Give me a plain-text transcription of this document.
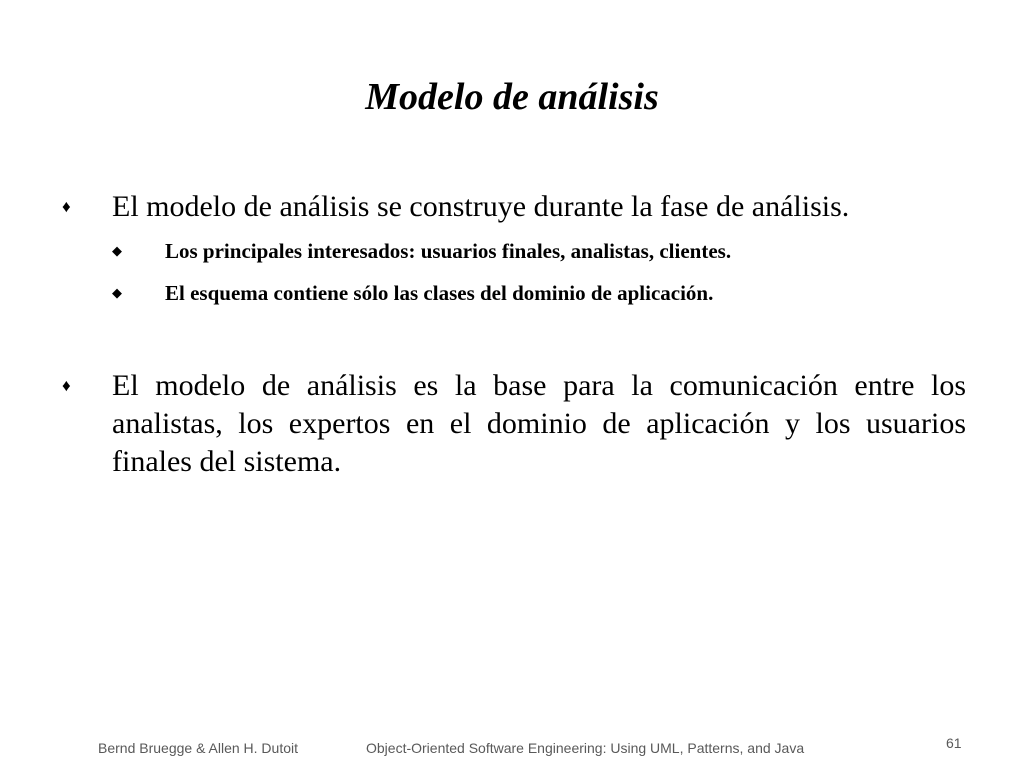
Modelo de análisis
♦ El modelo de análisis se construye durante la fase de análisis.
◆ Los principales interesados: usuarios finales, analistas, clientes.
◆ El esquema contiene sólo las clases del dominio de aplicación.
♦ El modelo de análisis es la base para la comunicación entre los analistas, los expertos en el dominio de aplicación y los usuarios finales del sistema.
Bernd Bruegge & Allen H. Dutoit	Object-Oriented Software Engineering: Using UML, Patterns, and Java	61
